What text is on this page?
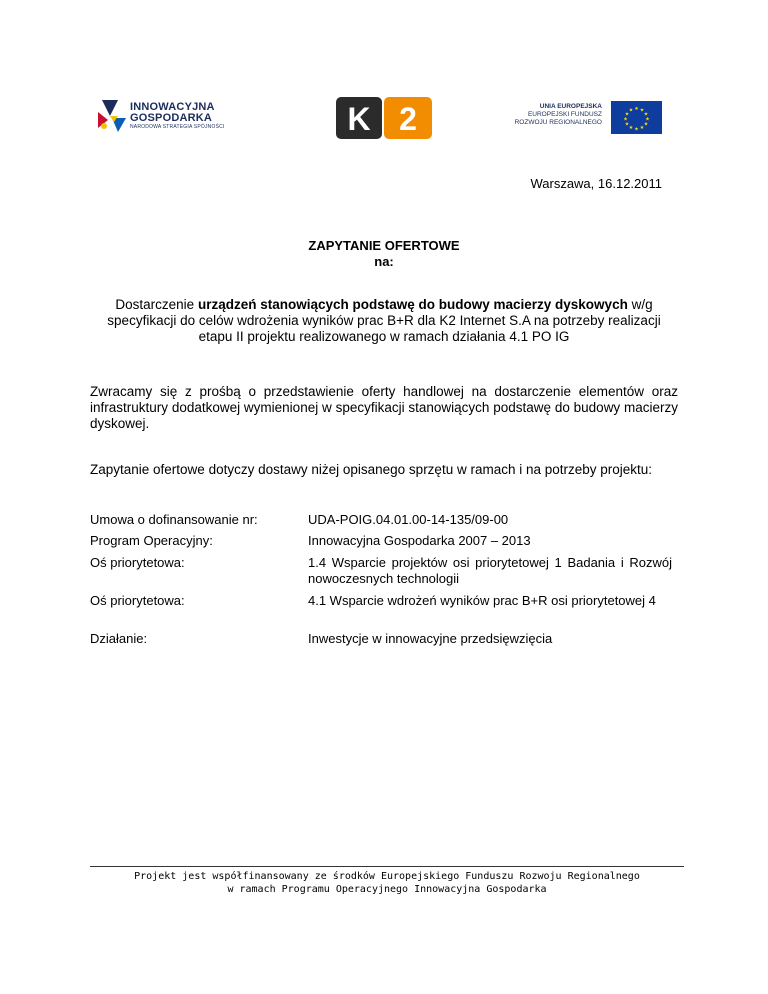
INNOWACYJNA
GOSPODARKA
NARODOWA STRATEGIA SPÓJNOŚCI	K 2	UNIA EUROPEJSKA
EUROPEJSKI FUNDUSZ
ROZWOJU REGIONALNEGO
★ ★
★
★
★
★
★
★
★
★
★
★
Warszawa, 16.12.2011
ZAPYTANIE OFERTOWE
na:
Dostarczenie urządzeń stanowiących podstawę do budowy macierzy dyskowych w/g specyfikacji do celów wdrożenia wyników prac B+R dla K2 Internet S.A na potrzeby realizacji etapu II projektu realizowanego w ramach działania 4.1 PO IG
Zwracamy się z prośbą o przedstawienie oferty handlowej na dostarczenie elementów oraz infrastruktury dodatkowej wymienionej w specyfikacji stanowiących podstawę do budowy macierzy dyskowej.
Zapytanie ofertowe dotyczy dostawy niżej opisanego sprzętu w ramach i na potrzeby projektu:
Umowa o dofinansowanie nr:	UDA-POIG.04.01.00-14-135/09-00
Program Operacyjny:	Innowacyjna Gospodarka 2007 – 2013
Oś priorytetowa:	1.4 Wsparcie projektów osi priorytetowej 1 Badania i Rozwój nowoczesnych technologii
Oś priorytetowa:	4.1 Wsparcie wdrożeń wyników prac B+R osi priorytetowej 4
Działanie:	Inwestycje w innowacyjne przedsięwzięcia
Projekt jest współfinansowany ze środków Europejskiego Funduszu Rozwoju Regionalnego
w ramach Programu Operacyjnego Innowacyjna Gospodarka
